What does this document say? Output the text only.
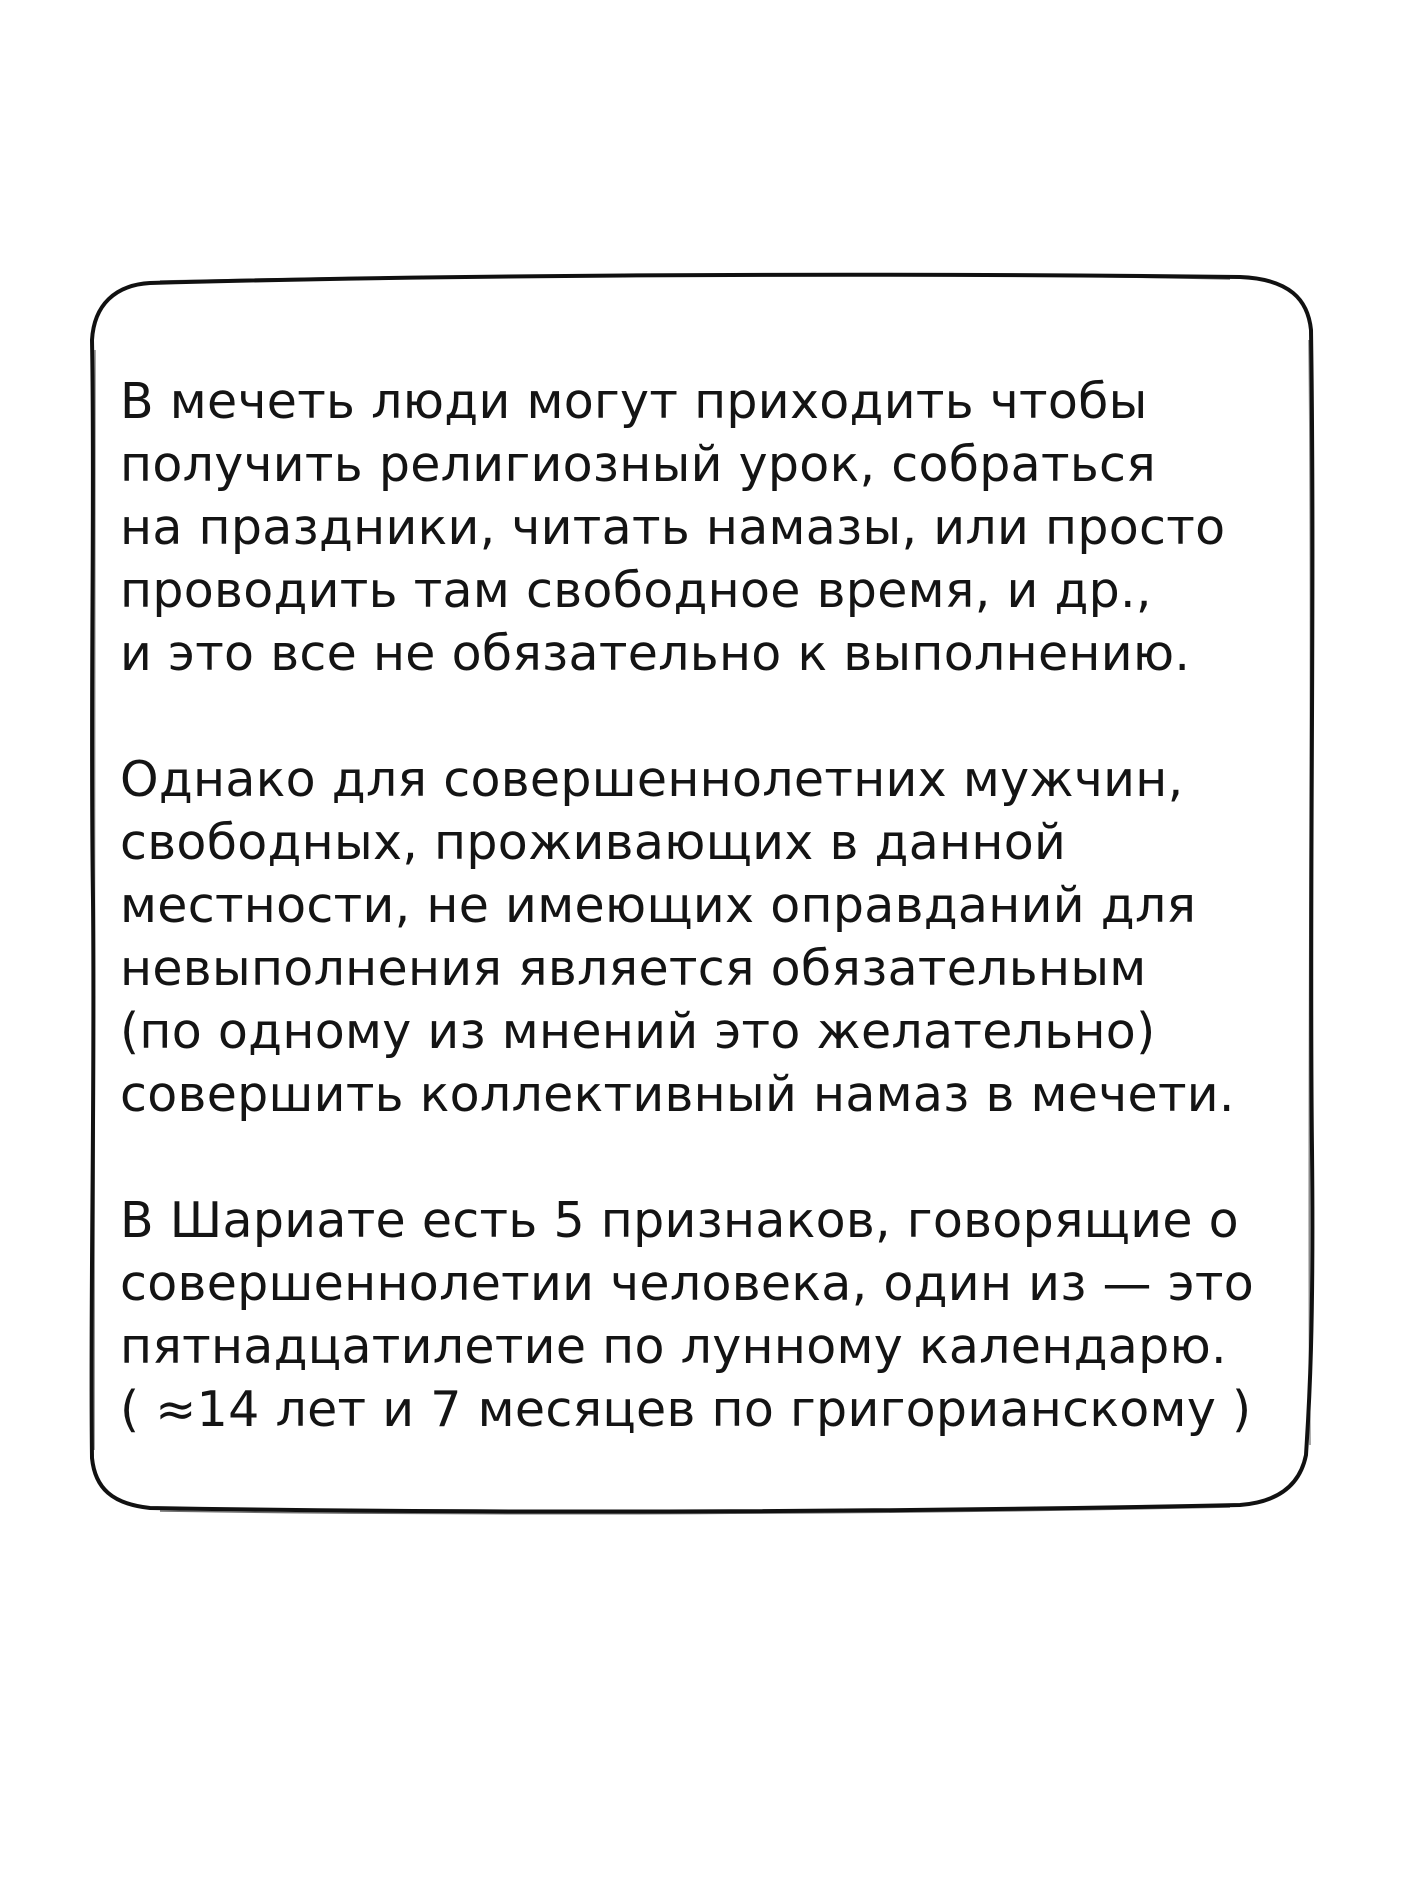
В мечеть люди могут приходить чтобы
получить религиозный урок, собраться
на праздники, читать намазы, или просто
проводить там свободное время, и др.,
и это все не обязательно к выполнению.
Однако для совершеннолетних мужчин,
свободных, проживающих в данной
местности, не имеющих оправданий для
невыполнения является обязательным
(по одному из мнений это желательно)
совершить коллективный намаз в мечети.
В Шариате есть 5 признаков, говорящие о
совершеннолетии человека, один из — это
пятнадцатилетие по лунному календарю.
( ≈14 лет и 7 месяцев по григорианскому )
